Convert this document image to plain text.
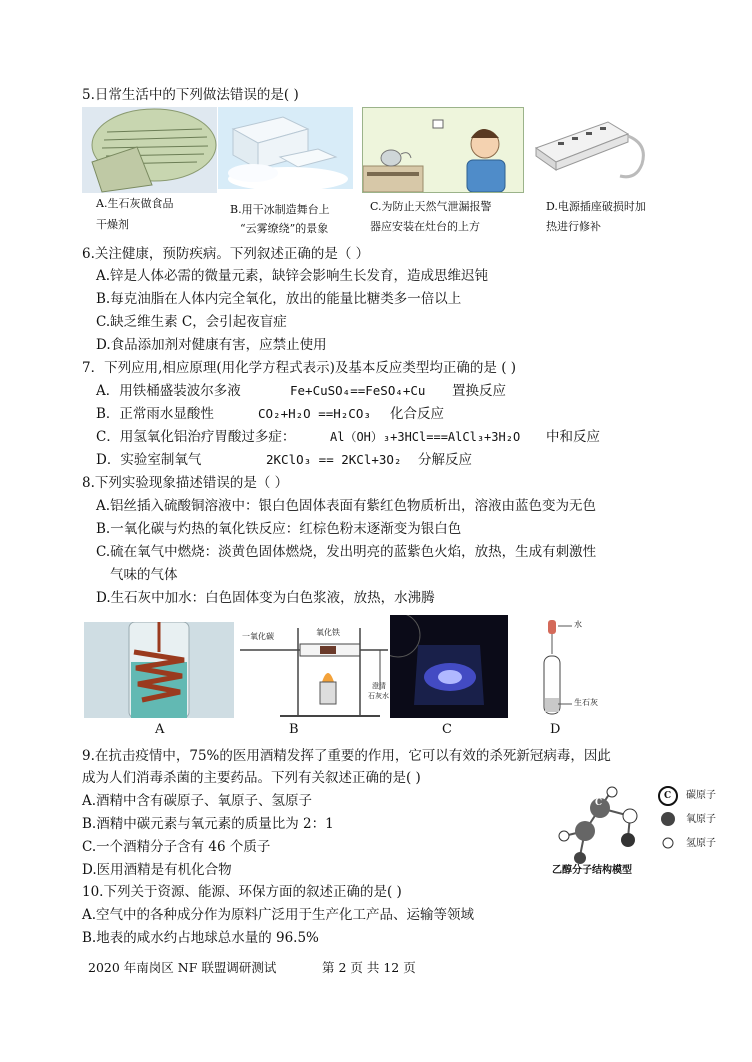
5.日常生活中的下列做法错误的是( )
A.生石灰做食品
干燥剂
B.用干冰制造舞台上
“云雾缭绕”的景象
C.为防止天然气泄漏报警
器应安装在灶台的上方
D.电源插座破损时加
热进行修补
6.关注健康，预防疾病。下列叙述正确的是（ ）
A.锌是人体必需的微量元素，缺锌会影响生长发育，造成思维迟钝
B.每克油脂在人体内完全氧化，放出的能量比糖类多一倍以上
C.缺乏维生素 C，会引起夜盲症
D.食品添加剂对健康有害，应禁止使用
7．下列应用,相应原理(用化学方程式表示)及基本反应类型均正确的是 ( )
A．用铁桶盛装波尔多液	Fe+CuSO₄==FeSO₄+Cu 置换反应
B．正常雨水显酸性	CO₂+H₂O ==H₂CO₃ 化合反应
C．用氢氧化铝治疗胃酸过多症：	Al（OH）₃+3HCl===AlCl₃+3H₂O 中和反应
D．实验室制氧气	2KClO₃ == 2KCl+3O₂ 分解反应
8.下列实验现象描述错误的是（ ）
A.铝丝插入硫酸铜溶液中：银白色固体表面有紫红色物质析出，溶液由蓝色变为无色
B.一氧化碳与灼热的氧化铁反应：红棕色粉末逐渐变为银白色
C.硫在氧气中燃烧：淡黄色固体燃烧，发出明亮的蓝紫色火焰，放热，生成有刺激性
气味的气体
D.生石灰中加水：白色固体变为白色浆液，放热，水沸腾
A
一氧化碳	氧化铁
澄清
石灰水
B	C
水
生石灰
D
9.在抗击疫情中，75%的医用酒精发挥了重要的作用，它可以有效的杀死新冠病毒，因此
成为人们消毒杀菌的主要药品。下列有关叙述正确的是( )
A.酒精中含有碳原子、氧原子、氢原子
B.酒精中碳元素与氧元素的质量比为 2：1
C.一个酒精分子含有 46 个质子
D.医用酒精是有机化合物
C
C 碳原子
氧原子
氢原子
乙醇分子结构模型
10.下列关于资源、能源、环保方面的叙述正确的是( )
A.空气中的各种成分作为原料广泛用于生产化工产品、运输等领域
B.地表的咸水约占地球总水量的 96.5%
2020 年南岗区 NF 联盟调研测试	第 2 页 共 12 页
